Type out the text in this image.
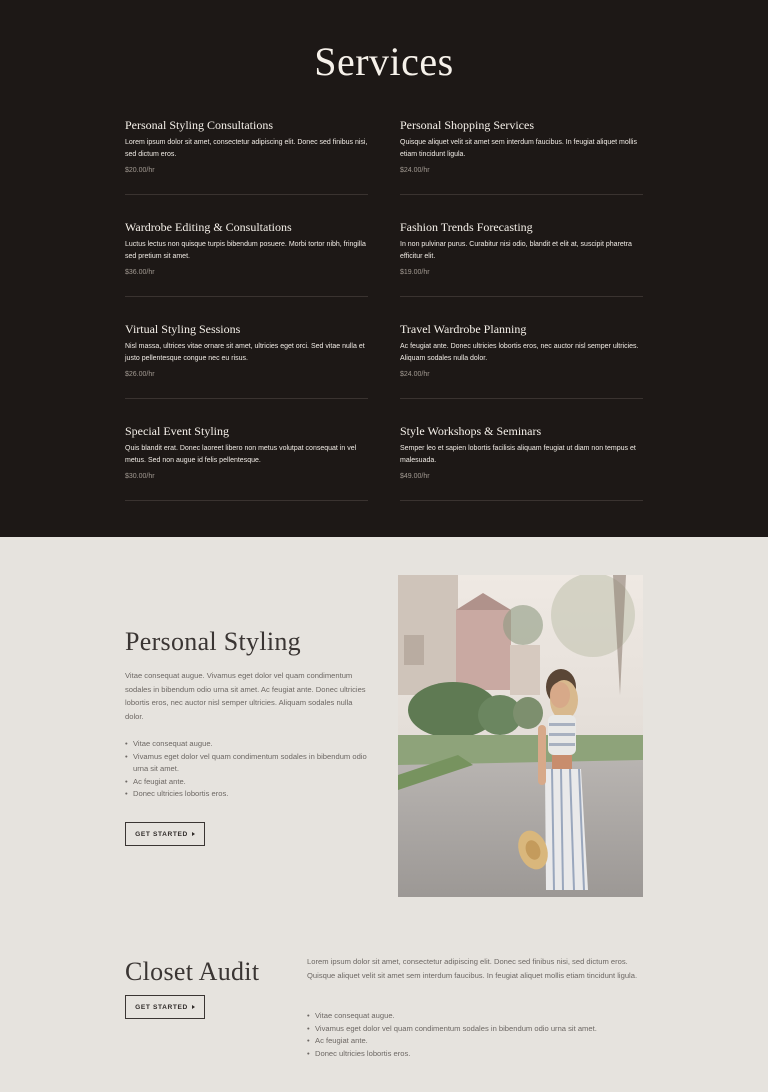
Services
Personal Styling Consultations

Lorem ipsum dolor sit amet, consectetur adipiscing elit. Donec sed finibus nisi, sed dictum eros.

$20.00/hr

Personal Shopping Services

Quisque aliquet velit sit amet sem interdum faucibus. In feugiat aliquet mollis etiam tincidunt ligula.

$24.00/hr

Wardrobe Editing & Consultations

Luctus lectus non quisque turpis bibendum posuere. Morbi tortor nibh, fringilla sed pretium sit amet.

$36.00/hr

Fashion Trends Forecasting

In non pulvinar purus. Curabitur nisi odio, blandit et elit at, suscipit pharetra efficitur elit.

$19.00/hr

Virtual Styling Sessions

Nisl massa, ultrices vitae ornare sit amet, ultricies eget orci. Sed vitae nulla et justo pellentesque congue nec eu risus.

$26.00/hr

Travel Wardrobe Planning

Ac feugiat ante. Donec ultricies lobortis eros, nec auctor nisl semper ultricies. Aliquam sodales nulla dolor.

$24.00/hr

Special Event Styling

Quis blandit erat. Donec laoreet libero non metus volutpat consequat in vel metus. Sed non augue id felis pellentesque.

$30.00/hr

Style Workshops & Seminars

Semper leo et sapien lobortis facilisis aliquam feugiat ut diam non tempus et malesuada.

$49.00/hr

Personal Styling

Vitae consequat augue. Vivamus eget dolor vel quam condimentum sodales in bibendum odio urna sit amet. Ac feugiat ante. Donec ultricies lobortis eros, nec auctor nisl semper ultricies. Aliquam sodales nulla dolor.

• Vitae consequat augue.
• Vivamus eget dolor vel quam condimentum sodales in bibendum odio urna sit amet.
• Ac feugiat ante.
• Donec ultricies lobortis eros.
GET STARTED
Closet Audit
GET STARTED

Lorem ipsum dolor sit amet, consectetur adipiscing elit. Donec sed finibus nisi, sed dictum eros. Quisque aliquet velit sit amet sem interdum faucibus. In feugiat aliquet mollis etiam tincidunt ligula.

• Vitae consequat augue.
• Vivamus eget dolor vel quam condimentum sodales in bibendum odio urna sit amet.
• Ac feugiat ante.
• Donec ultricies lobortis eros.
